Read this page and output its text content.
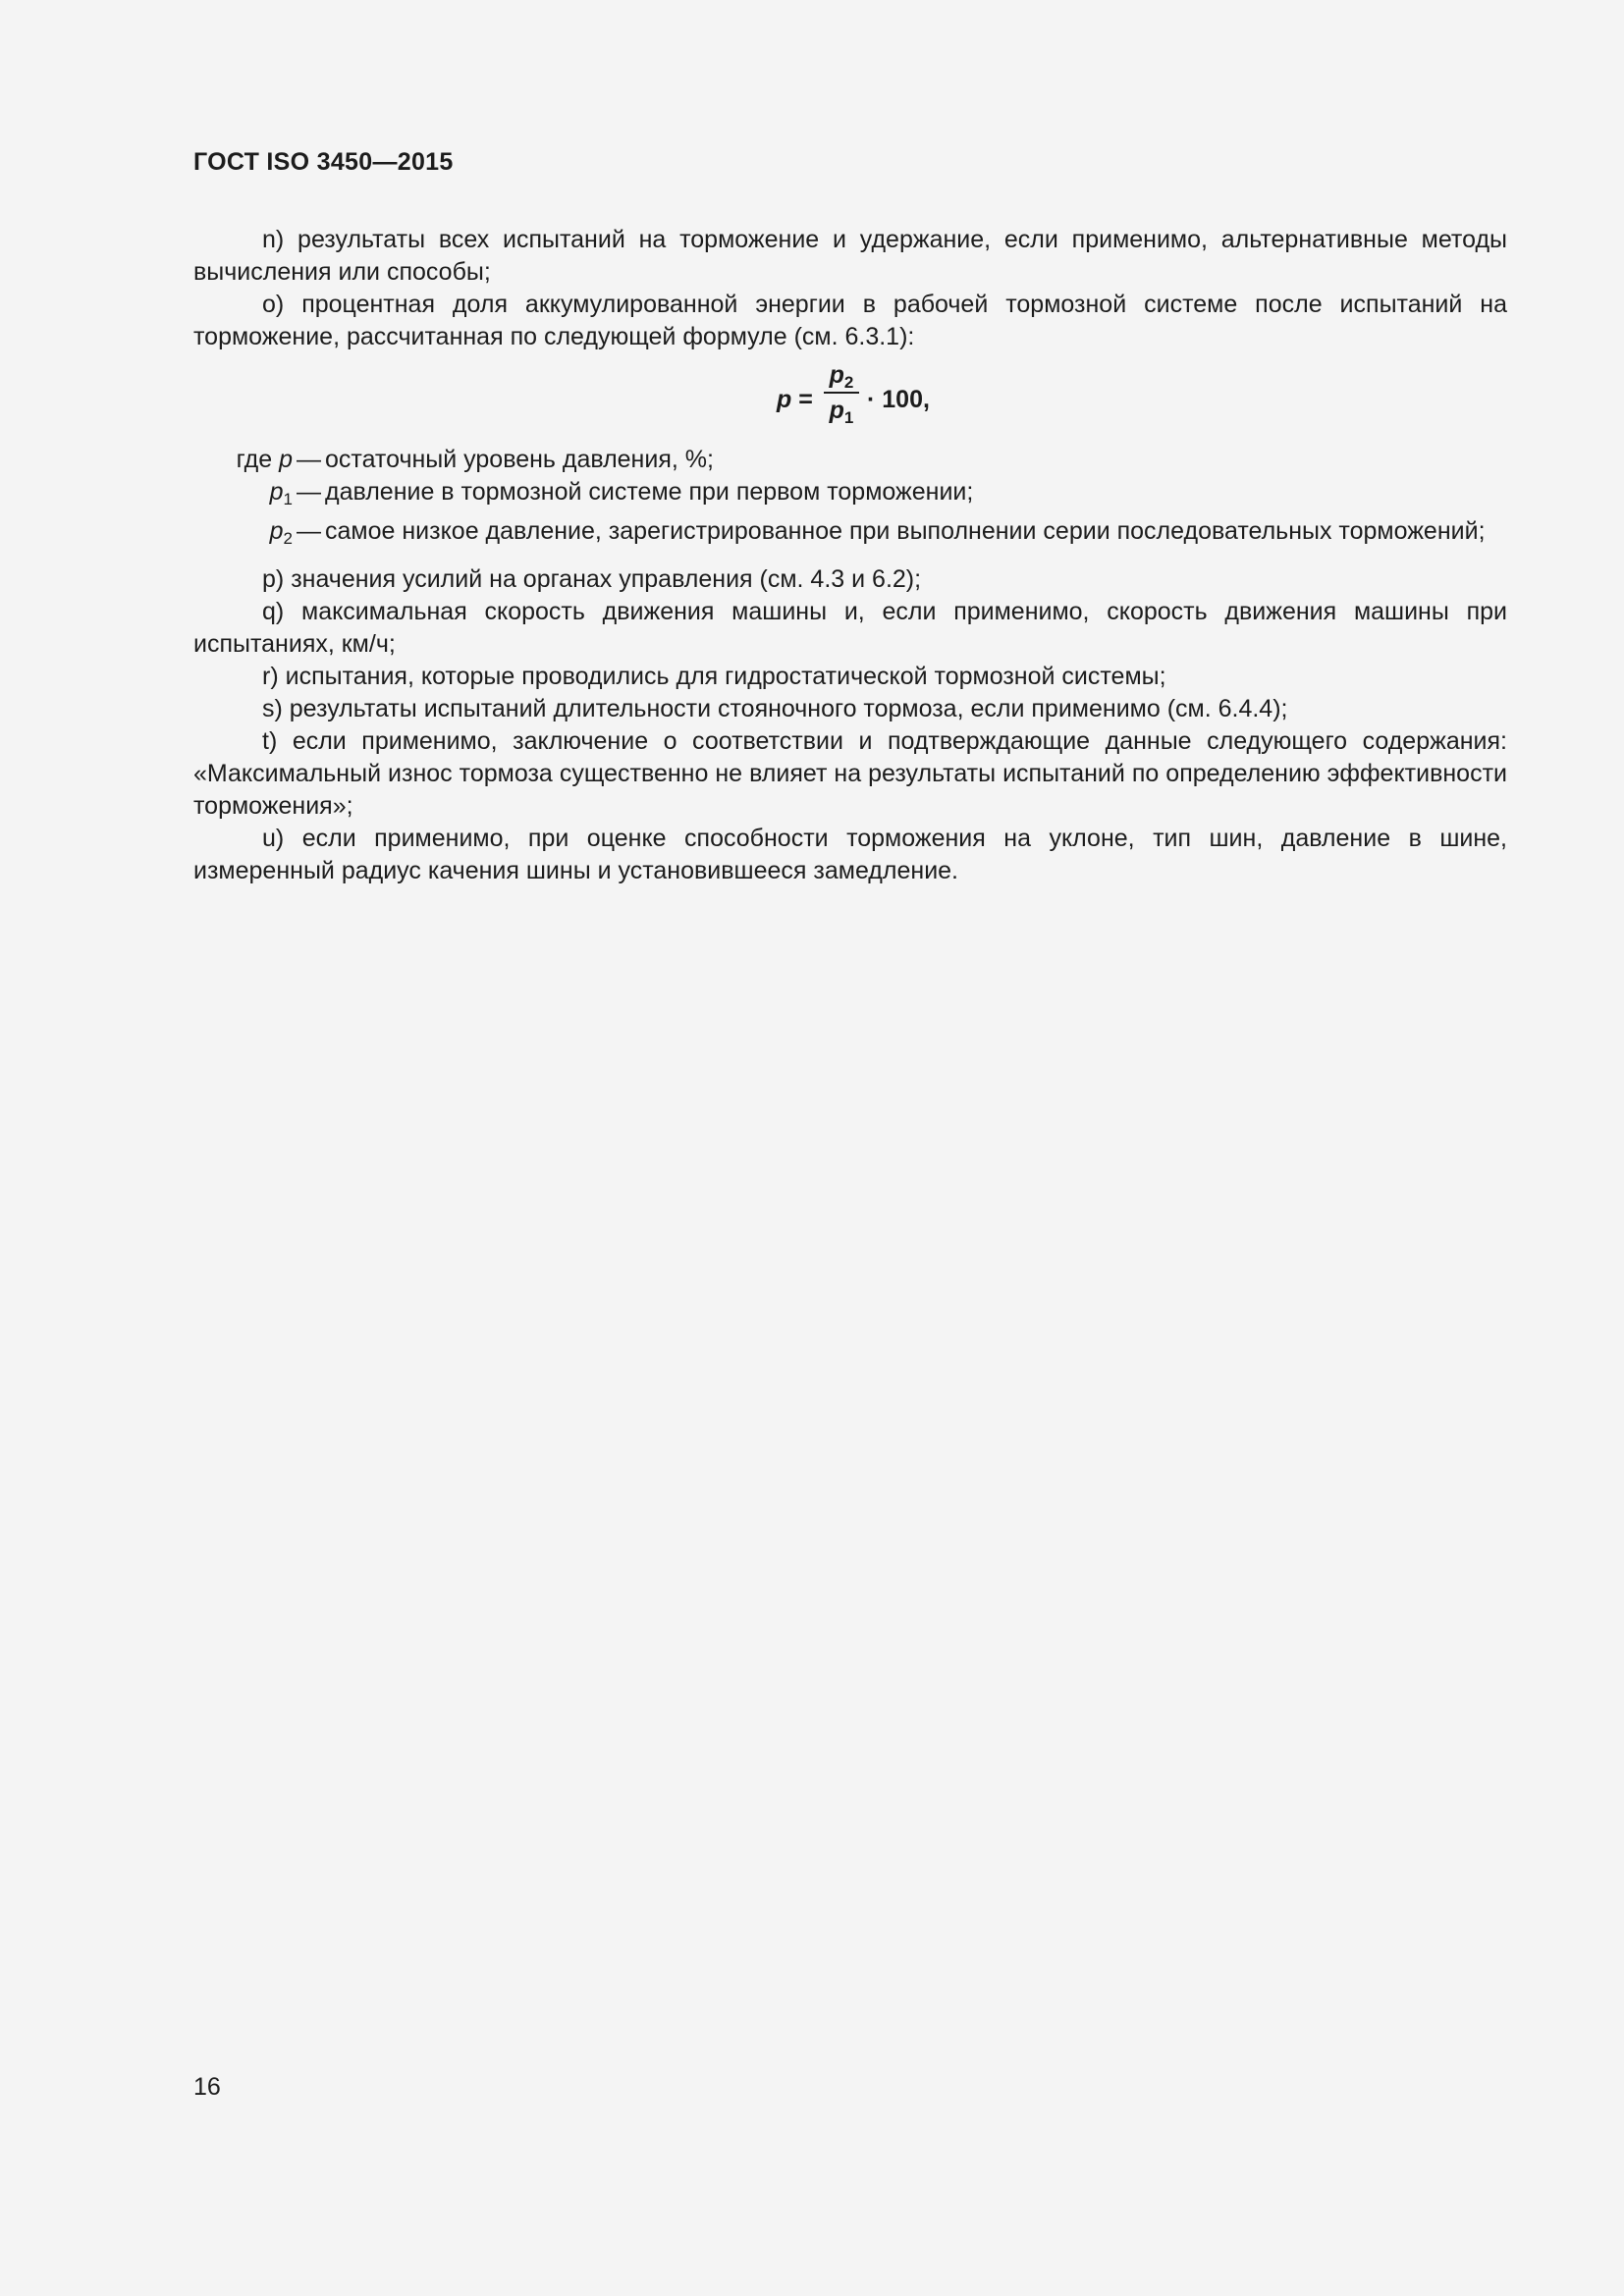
ГОСТ ISO 3450—2015

n) результаты всех испытаний на торможение и удержание, если применимо, альтернативные методы вычисления или способы;

o) процентная доля аккумулированной энергии в рабочей тормозной системе после испытаний на торможение, рассчитанная по следующей формуле (см. 6.3.1):

p =
$p_2$
$p_1$
· 100,
где p — остаточный уровень давления, %;
$p_1$ — давление в тормозной системе при первом торможении;
$p_2$ — самое низкое давление, зарегистрированное при выполнении серии последовательных торможений;

p) значения усилий на органах управления (см. 4.3 и 6.2);

q) максимальная скорость движения машины и, если применимо, скорость движения машины при испытаниях, км/ч;

r) испытания, которые проводились для гидростатической тормозной системы;

s) результаты испытаний длительности стояночного тормоза, если применимо (см. 6.4.4);

t) если применимо, заключение о соответствии и подтверждающие данные следующего содержания: «Максимальный износ тормоза существенно не влияет на результаты испытаний по определению эффективности торможения»;

u) если применимо, при оценке способности торможения на уклоне, тип шин, давление в шине, измеренный радиус качения шины и установившееся замедление.

16
